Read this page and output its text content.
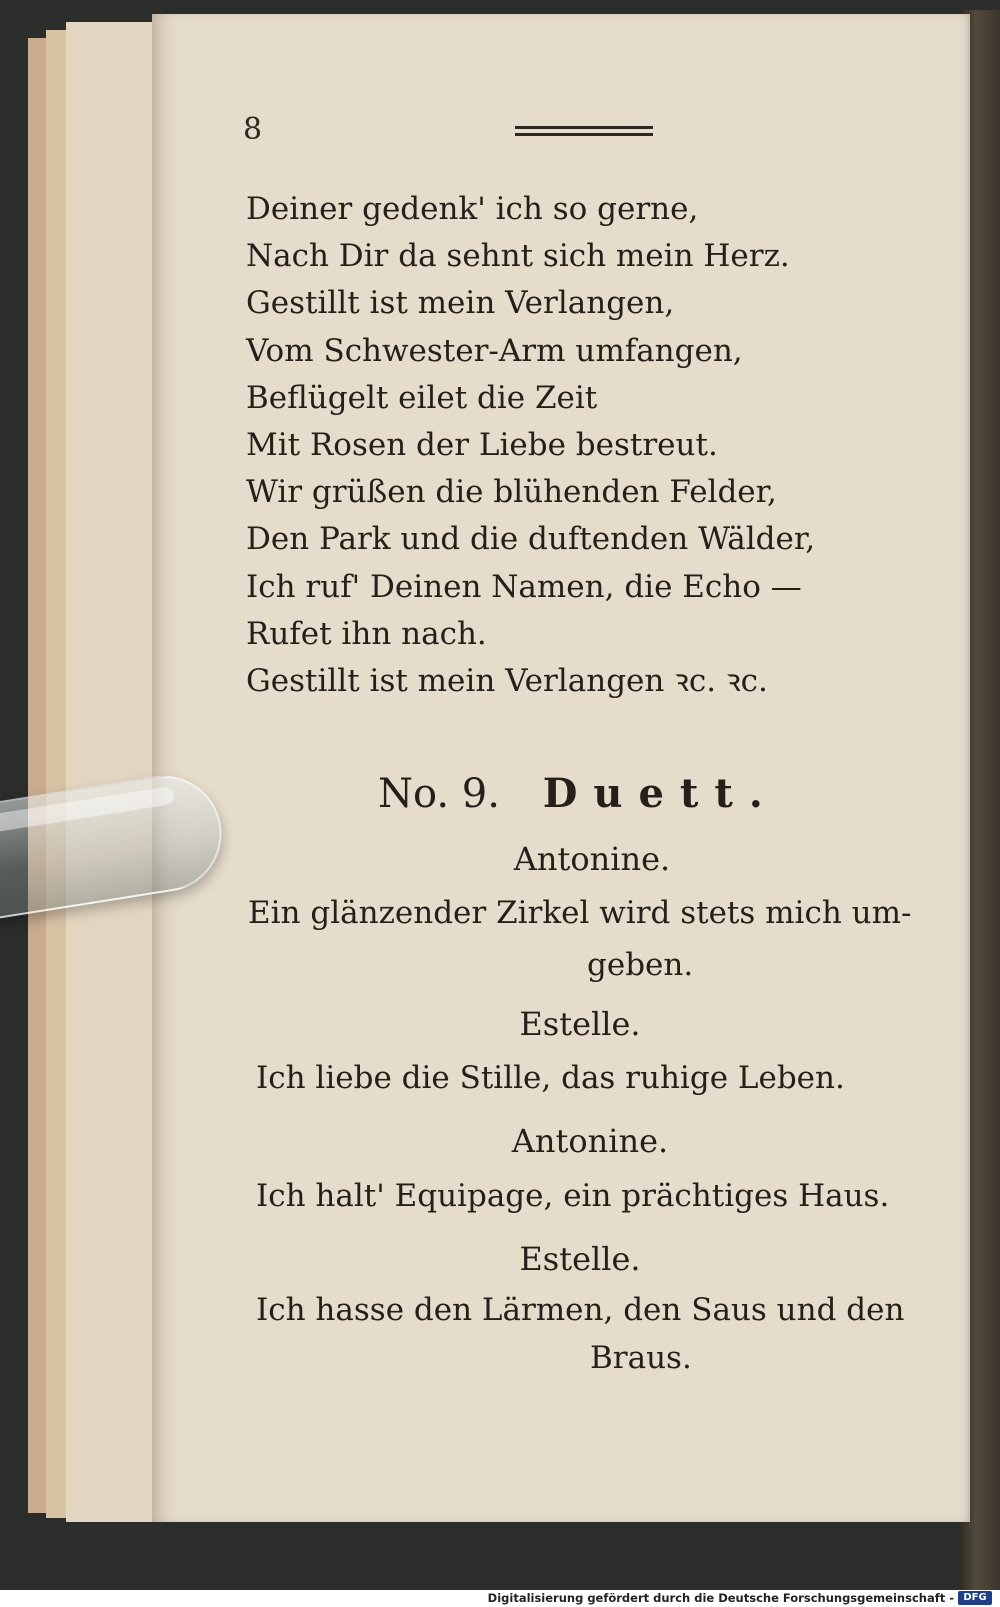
8
Deiner gedenk' ich so gerne,
Nach Dir da sehnt sich mein Herz.
Gestillt ist mein Verlangen,
Vom Schwester-Arm umfangen,
Beflügelt eilet die Zeit
Mit Rosen der Liebe bestreut.
Wir grüßen die blühenden Felder,
Den Park und die duftenden Wälder,
Ich ruf' Deinen Namen, die Echo —
Rufet ihn nach.
Gestillt ist mein Verlangen ꝛc. ꝛc.
No. 9. Duett.
Antonine.
Ein glänzender Zirkel wird stets mich um-
geben.
Estelle.
Ich liebe die Stille, das ruhige Leben.
Antonine.
Ich halt' Equipage, ein prächtiges Haus.
Estelle.
Ich hasse den Lärmen, den Saus und den
Braus.
Digitalisierung gefördert durch die Deutsche Forschungsgemeinschaft - DFG
